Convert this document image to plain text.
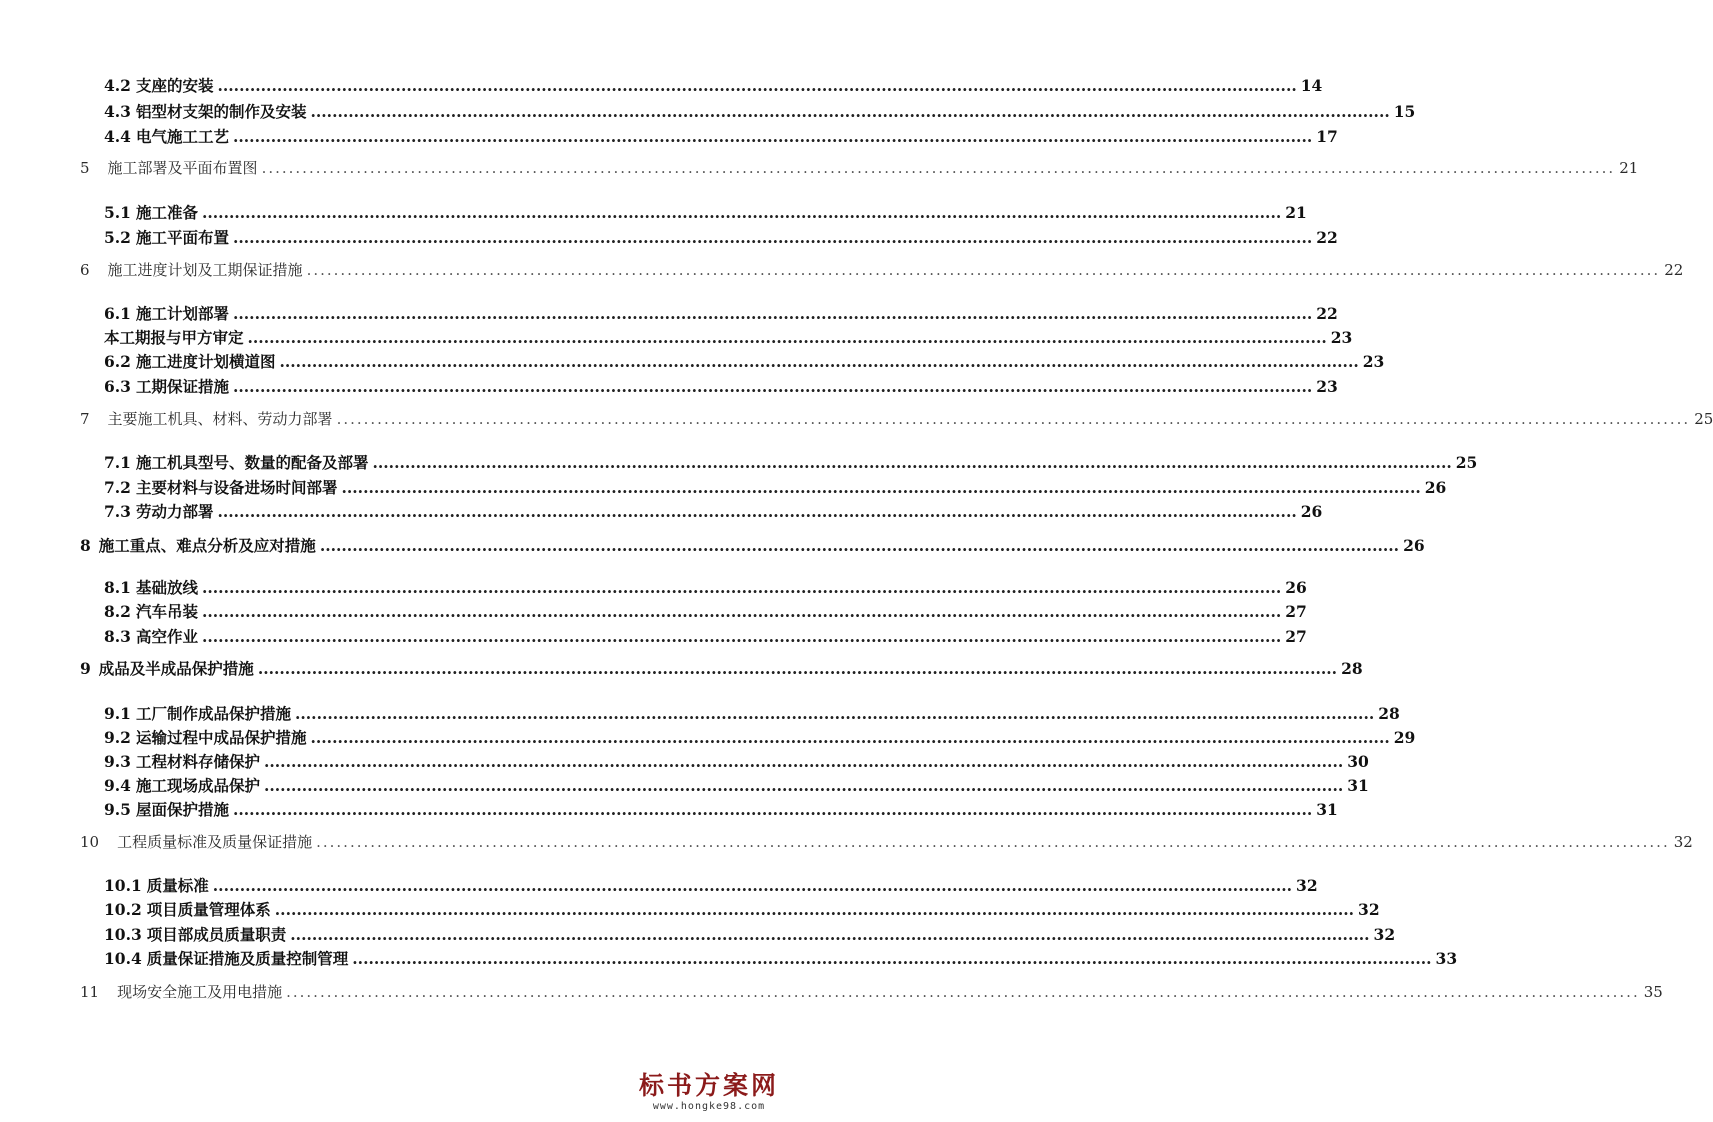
4.2 支座的安装 ........................................................................................................................................................................................................ 14
4.3 铝型材支架的制作及安装 ........................................................................................................................................................................................................ 15
4.4 电气施工工艺 ........................................................................................................................................................................................................ 17
5 施工部署及平面布置图 ........................................................................................................................................................................................................ 21
5.1 施工准备 ........................................................................................................................................................................................................ 21
5.2 施工平面布置 ........................................................................................................................................................................................................ 22
6 施工进度计划及工期保证措施 ........................................................................................................................................................................................................ 22
6.1 施工计划部署 ........................................................................................................................................................................................................ 22
本工期报与甲方审定 ........................................................................................................................................................................................................ 23
6.2 施工进度计划横道图 ........................................................................................................................................................................................................ 23
6.3 工期保证措施 ........................................................................................................................................................................................................ 23
7 主要施工机具、材料、劳动力部署 ........................................................................................................................................................................................................ 25
7.1 施工机具型号、数量的配备及部署 ........................................................................................................................................................................................................ 25
7.2 主要材料与设备进场时间部署 ........................................................................................................................................................................................................ 26
7.3 劳动力部署 ........................................................................................................................................................................................................ 26
8 施工重点、难点分析及应对措施 ........................................................................................................................................................................................................ 26
8.1 基础放线 ........................................................................................................................................................................................................ 26
8.2 汽车吊装 ........................................................................................................................................................................................................ 27
8.3 高空作业 ........................................................................................................................................................................................................ 27
9 成品及半成品保护措施 ........................................................................................................................................................................................................ 28
9.1 工厂制作成品保护措施 ........................................................................................................................................................................................................ 28
9.2 运输过程中成品保护措施 ........................................................................................................................................................................................................ 29
9.3 工程材料存储保护 ........................................................................................................................................................................................................ 30
9.4 施工现场成品保护 ........................................................................................................................................................................................................ 31
9.5 屋面保护措施 ........................................................................................................................................................................................................ 31
10 工程质量标准及质量保证措施 ........................................................................................................................................................................................................ 32
10.1 质量标准 ........................................................................................................................................................................................................ 32
10.2 项目质量管理体系 ........................................................................................................................................................................................................ 32
10.3 项目部成员质量职责 ........................................................................................................................................................................................................ 32
10.4 质量保证措施及质量控制管理 ........................................................................................................................................................................................................ 33
11 现场安全施工及用电措施 ........................................................................................................................................................................................................ 35
标书方案网
www.hongke98.com
